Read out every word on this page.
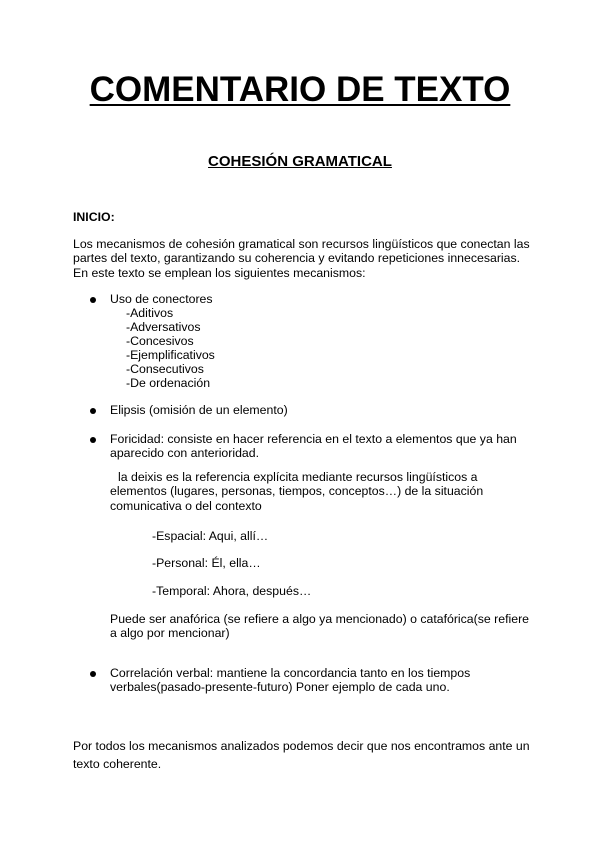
COMENTARIO DE TEXTO
COHESIÓN GRAMATICAL
INICIO:
Los mecanismos de cohesión gramatical son recursos lingüísticos que conectan las
partes del texto, garantizando su coherencia y evitando repeticiones innecesarias.
En este texto se emplean los siguientes mecanismos:
Uso de conectores
-Aditivos
-Adversativos
-Concesivos
-Ejemplificativos
-Consecutivos
-De ordenación
Elipsis (omisión de un elemento)
Foricidad: consiste en hacer referencia en el texto a elementos que ya han
aparecido con anterioridad.
la deixis es la referencia explícita mediante recursos lingüísticos a
elementos (lugares, personas, tiempos, conceptos…) de la situación
comunicativa o del contexto
-Espacial: Aqui, allí…
-Personal: Él, ella…
-Temporal: Ahora, después…
Puede ser anafórica (se refiere a algo ya mencionado) o catafórica(se refiere
a algo por mencionar)
Correlación verbal: mantiene la concordancia tanto en los tiempos
verbales(pasado-presente-futuro) Poner ejemplo de cada uno.
Por todos los mecanismos analizados podemos decir que nos encontramos ante un
texto coherente.
